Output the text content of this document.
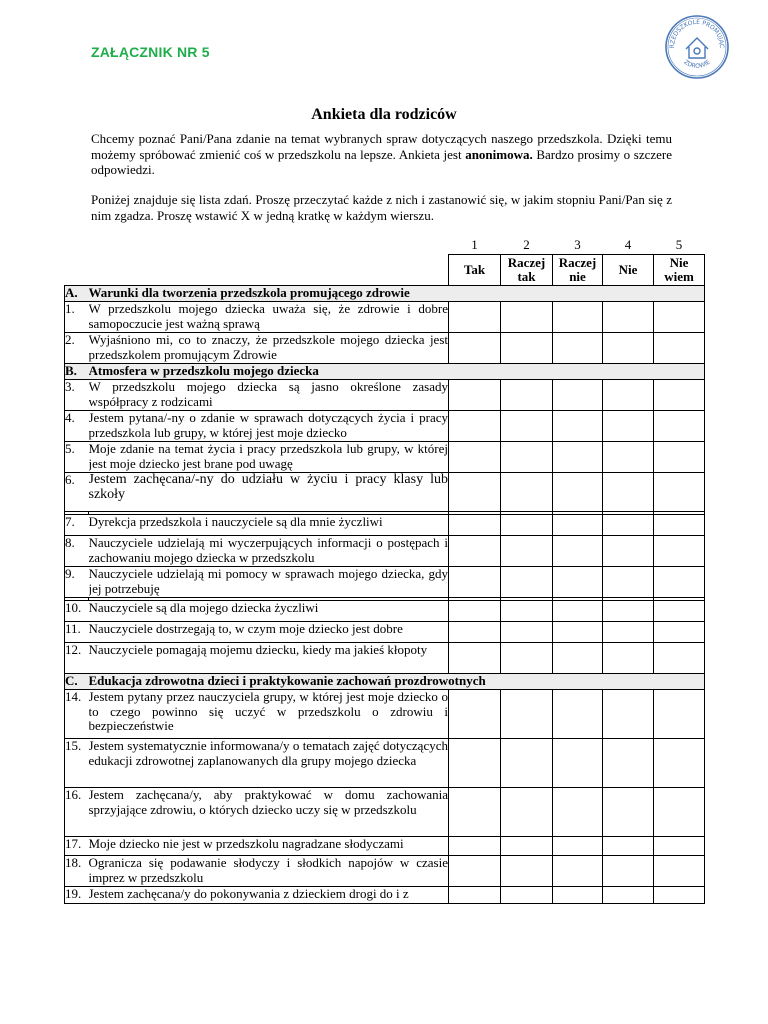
ZAŁĄCZNIK NR 5	RZEDSZKOLE PROMUJĄC
ZDROWIE
Ankieta dla rodziców

Chcemy poznać Pani/Pana zdanie na temat wybranych spraw dotyczących naszego przedszkola. Dzięki temu możemy spróbować zmienić coś w przedszkolu na lepsze. Ankieta jest anonimowa. Bardzo prosimy o szczere odpowiedzi.

Poniżej znajduje się lista zdań. Proszę przeczytać każde z nich i zastanowić się, w jakim stopniu Pani/Pan się z nim zgadza. Proszę wstawić X w jedną kratkę w każdym wierszu.

		1	2	3	4	5
		Tak	Raczej tak	Raczej nie	Nie	Nie wiem
A.	Warunki dla tworzenia przedszkola promującego zdrowie					
1.	W przedszkolu mojego dziecka uważa się, że zdrowie i dobre samopoczucie jest ważną sprawą					
2.	Wyjaśniono mi, co to znaczy, że przedszkole mojego dziecka jest przedszkolem promującym Zdrowie					
B.	Atmosfera w przedszkolu mojego dziecka					
3.	W przedszkolu mojego dziecka są jasno określone zasady współpracy z rodzicami					
4.	Jestem pytana/-ny o zdanie w sprawach dotyczących życia i pracy przedszkola lub grupy, w której jest moje dziecko					
5.	Moje zdanie na temat życia i pracy przedszkola lub grupy, w której jest moje dziecko jest brane pod uwagę					
6.	Jestem zachęcana/-ny do udziału w życiu i pracy klasy lub szkoły					

7.	Dyrekcja przedszkola i nauczyciele są dla mnie życzliwi					
8.	Nauczyciele udzielają mi wyczerpujących informacji o postępach i zachowaniu mojego dziecka w przedszkolu					
9.	Nauczyciele udzielają mi pomocy w sprawach mojego dziecka, gdy jej potrzebuję					

10.	Nauczyciele są dla mojego dziecka życzliwi					
11.	Nauczyciele dostrzegają to, w czym moje dziecko jest dobre					
12.	Nauczyciele pomagają mojemu dziecku, kiedy ma jakieś kłopoty					
C.	Edukacja zdrowotna dzieci i praktykowanie zachowań prozdrowotnych					
14.	Jestem pytany przez nauczyciela grupy, w której jest moje dziecko o to czego powinno się uczyć w przedszkolu o zdrowiu i bezpieczeństwie					
15.	Jestem systematycznie informowana/y o tematach zajęć dotyczących edukacji zdrowotnej zaplanowanych dla grupy mojego dziecka					
16.	Jestem zachęcana/y, aby praktykować w domu zachowania sprzyjające zdrowiu, o których dziecko uczy się w przedszkolu					
17.	Moje dziecko nie jest w przedszkolu nagradzane słodyczami					
18.	Ogranicza się podawanie słodyczy i słodkich napojów w czasie imprez w przedszkolu					
19.	Jestem zachęcana/y do pokonywania z dzieckiem drogi do i z					
